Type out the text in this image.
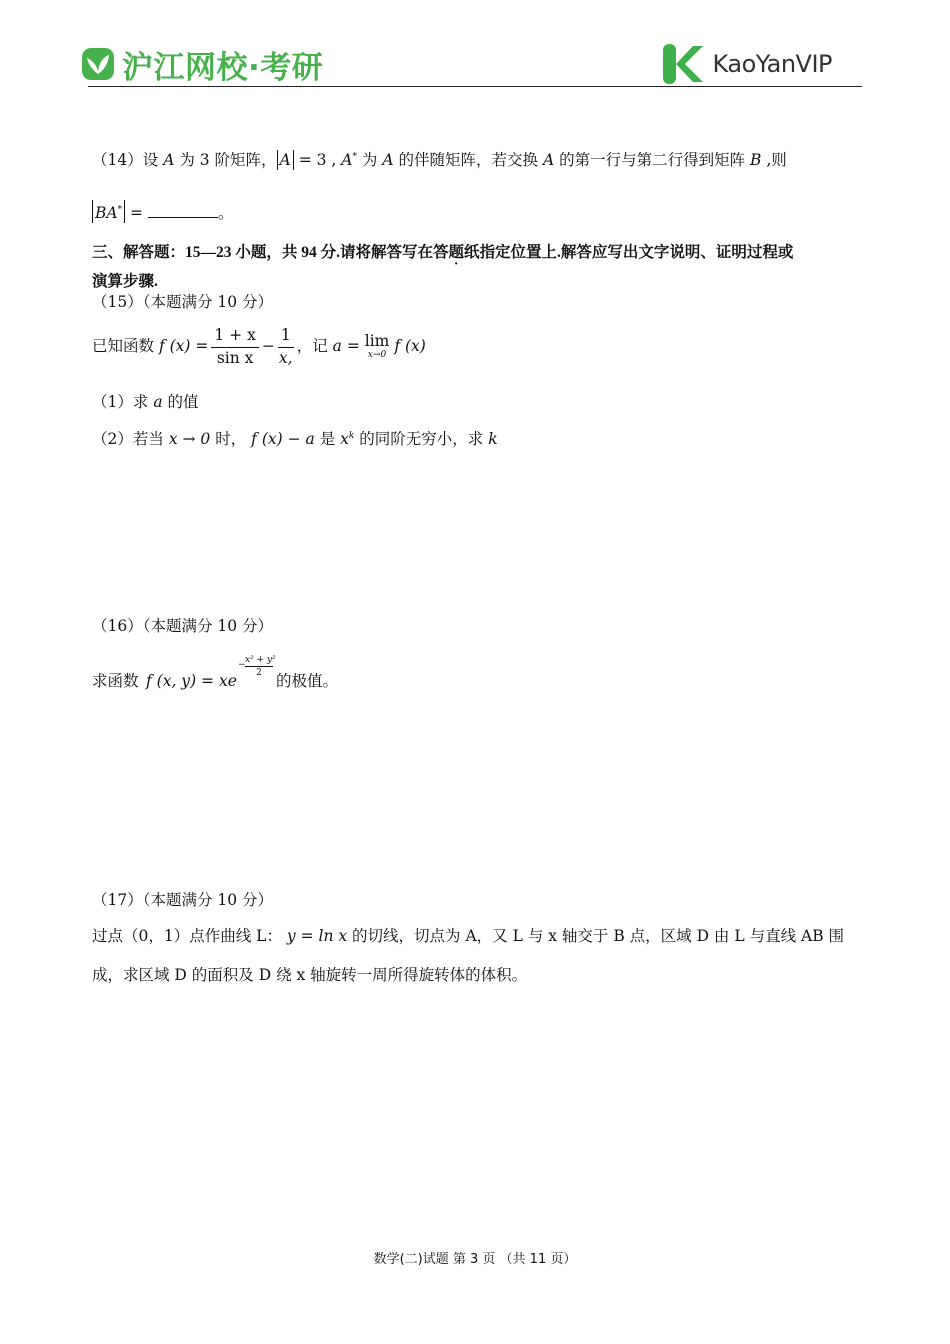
沪江网校·考研	KaoYanVIP
（14）设 A 为 3 阶矩阵， A = 3 , A* 为 A 的伴随矩阵，若交换 A 的第一行与第二行得到矩阵 B ,则
BA* =	。
三、解答题：15—23 小题，共 94 分.请将解答写在答题纸指定位置上.解答应写出文字说明、证明过程或
演算步骤.
（15）（本题满分 10 分）
已知函数
f $(x) = \frac{1 + x}{\text{sin x}} - \frac{1}{x,}$ ，记
a =
lim
x→0
f (x)
（1）求 a 的值
（2）若当 x → 0 时， f (x) − a 是 $x^k$ 的同阶无穷小，求 k
（16）（本题满分 10 分）
求函数 f (x, y) = xe
− $\frac{\text{x² + y²}}{2}$
的极值。
（17）（本题满分 10 分）
过点（0，1）点作曲线 L： y = ln x 的切线，切点为 A，又 L 与 x 轴交于 B 点，区域 D 由 L 与直线 AB 围
成，求区域 D 的面积及 D 绕 x 轴旋转一周所得旋转体的体积。
数学(二)试题 第 3 页 （共 11 页）
